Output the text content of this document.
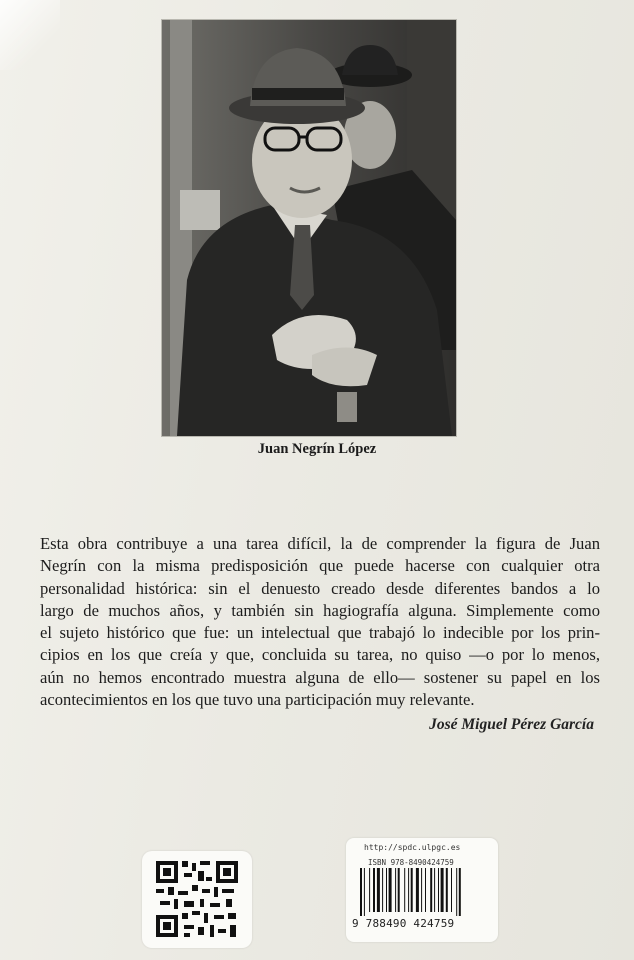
Juan Negrín López
Esta obra contribuye a una tarea difícil, la de comprender la figura de Juan
Negrín con la misma predisposición que puede hacerse con cualquier otra
personalidad histórica: sin el denuesto creado desde diferentes bandos a lo
largo de muchos años, y también sin hagiografía alguna. Simplemente como
el sujeto histórico que fue: un intelectual que trabajó lo indecible por los prin-
cipios en los que creía y que, concluida su tarea, no quiso —o por lo menos,
aún no hemos encontrado muestra alguna de ello— sostener su papel en los
acontecimientos en los que tuvo una participación muy relevante.
José Miguel Pérez García
http://spdc.ulpgc.es
ISBN 978-8490424759
9 788490 424759
